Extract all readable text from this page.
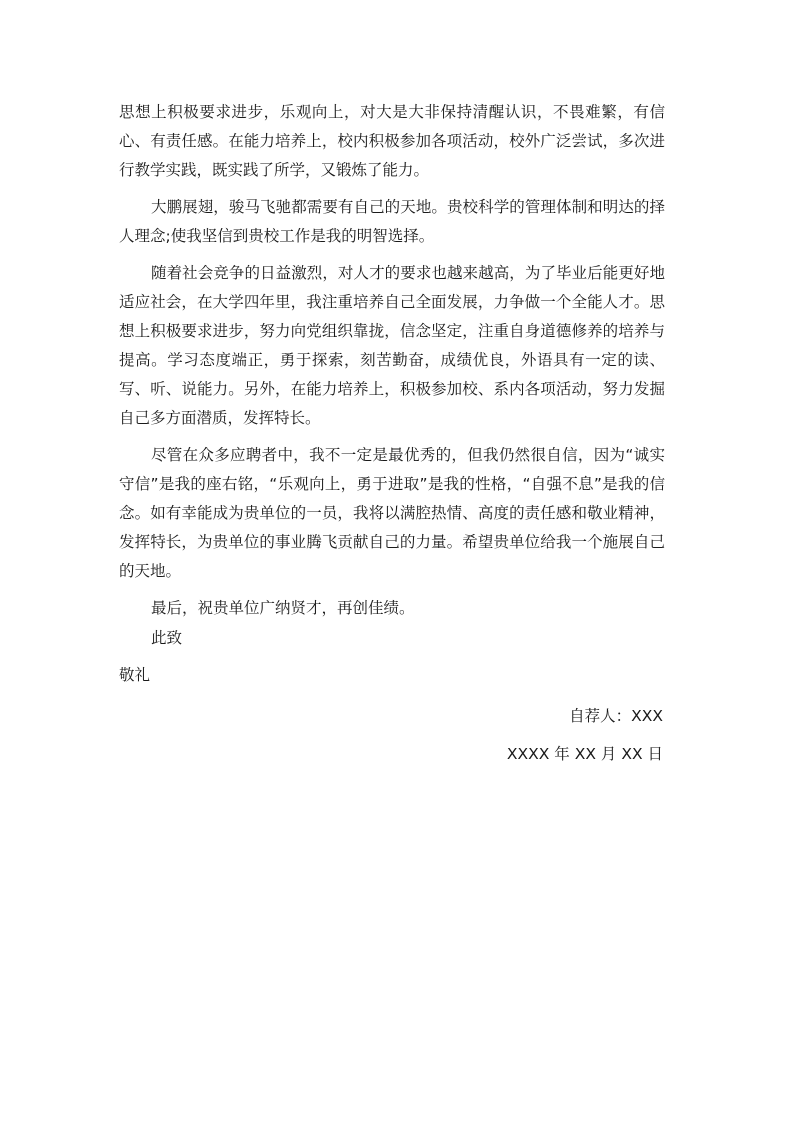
思想上积极要求进步，乐观向上，对大是大非保持清醒认识，不畏难繁，有信心、有责任感。在能力培养上，校内积极参加各项活动，校外广泛尝试，多次进行教学实践，既实践了所学，又锻炼了能力。

大鹏展翅，骏马飞驰都需要有自己的天地。贵校科学的管理体制和明达的择人理念;使我坚信到贵校工作是我的明智选择。

随着社会竞争的日益激烈，对人才的要求也越来越高，为了毕业后能更好地适应社会，在大学四年里，我注重培养自己全面发展，力争做一个全能人才。思想上积极要求进步，努力向党组织靠拢，信念坚定，注重自身道德修养的培养与提高。学习态度端正，勇于探索，刻苦勤奋，成绩优良，外语具有一定的读、写、听、说能力。另外，在能力培养上，积极参加校、系内各项活动，努力发掘自己多方面潜质，发挥特长。

尽管在众多应聘者中，我不一定是最优秀的，但我仍然很自信，因为“诚实守信”是我的座右铭，“乐观向上，勇于进取”是我的性格，“自强不息”是我的信念。如有幸能成为贵单位的一员，我将以满腔热情、高度的责任感和敬业精神，发挥特长，为贵单位的事业腾飞贡献自己的力量。希望贵单位给我一个施展自己的天地。

最后，祝贵单位广纳贤才，再创佳绩。

此致
敬礼
自荐人：XXX
XXXX 年 XX 月 XX 日
